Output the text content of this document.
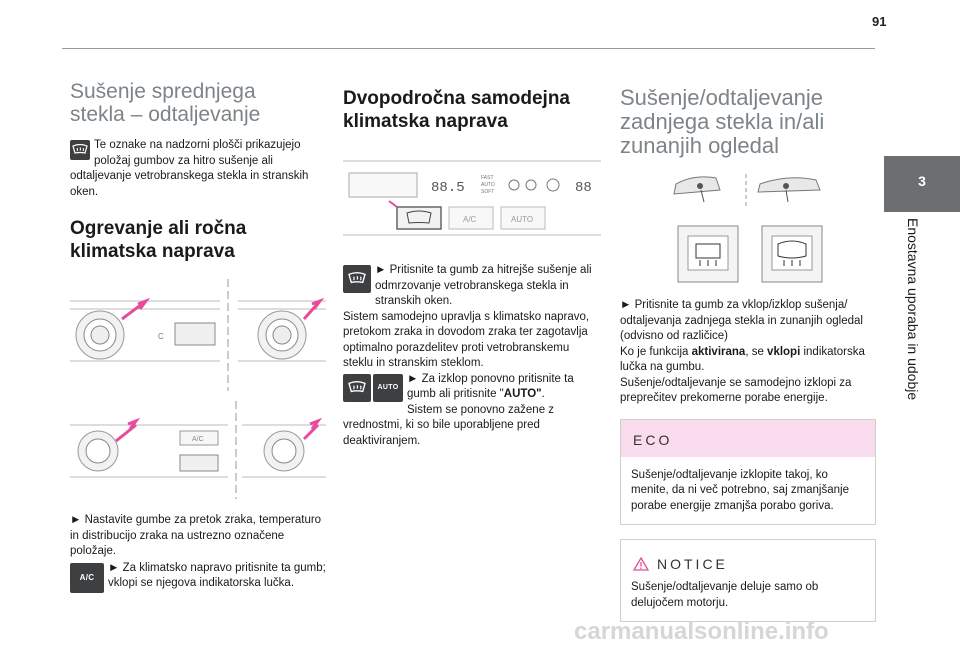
91
3
Enostavna uporaba in udobje
Sušenje sprednjega
stekla – odtaljevanje

Te oznake na nadzorni plošči prikazujejo položaj gumbov za hitro sušenje ali odtaljevanje vetrobranskega stekla in stranskih oken.

Ogrevanje ali ročna
klimatska naprava
C
A/C

► Nastavite gumbe za pretok zraka, temperaturo in distribucijo zraka na ustrezno označene položaje.

A/C

► Za klimatsko napravo pritisnite ta gumb; vklopi se njegova indikatorska lučka.

Dvopodročna samodejna
klimatska naprava
88.5
FAST
AUTO
SOFT	88
A/C	AUTO

► Pritisnite ta gumb za hitrejše sušenje ali odmrzovanje vetrobranskega stekla in stranskih oken.

Sistem samodejno upravlja s klimatsko napravo, pretokom zraka in dovodom zraka ter zagotavlja optimalno porazdelitev proti vetrobranskemu steklu in stranskim steklom.

AUTO

► Za izklop ponovno pritisnite ta gumb ali pritisnite "AUTO".

Sistem se ponovno zažene z vrednostmi, ki so bile uporabljene pred deaktiviranjem.

Sušenje/odtaljevanje
zadnjega stekla in/ali
zunanjih ogledal

► Pritisnite ta gumb za vklop/izklop sušenja/ odtaljevanja zadnjega stekla in zunanjih ogledal (odvisno od različice)

Ko je funkcija aktivirana, se vklopi indikatorska lučka na gumbu.

Sušenje/odtaljevanje se samodejno izklopi za preprečitev prekomerne porabe energije.

ECO
Sušenje/odtaljevanje izklopite takoj, ko menite, da ni več potrebno, saj zmanjšanje porabe energije zmanjša porabo goriva.
NOTICE
Sušenje/odtaljevanje deluje samo ob delujočem motorju.
carmanualsonline.info
